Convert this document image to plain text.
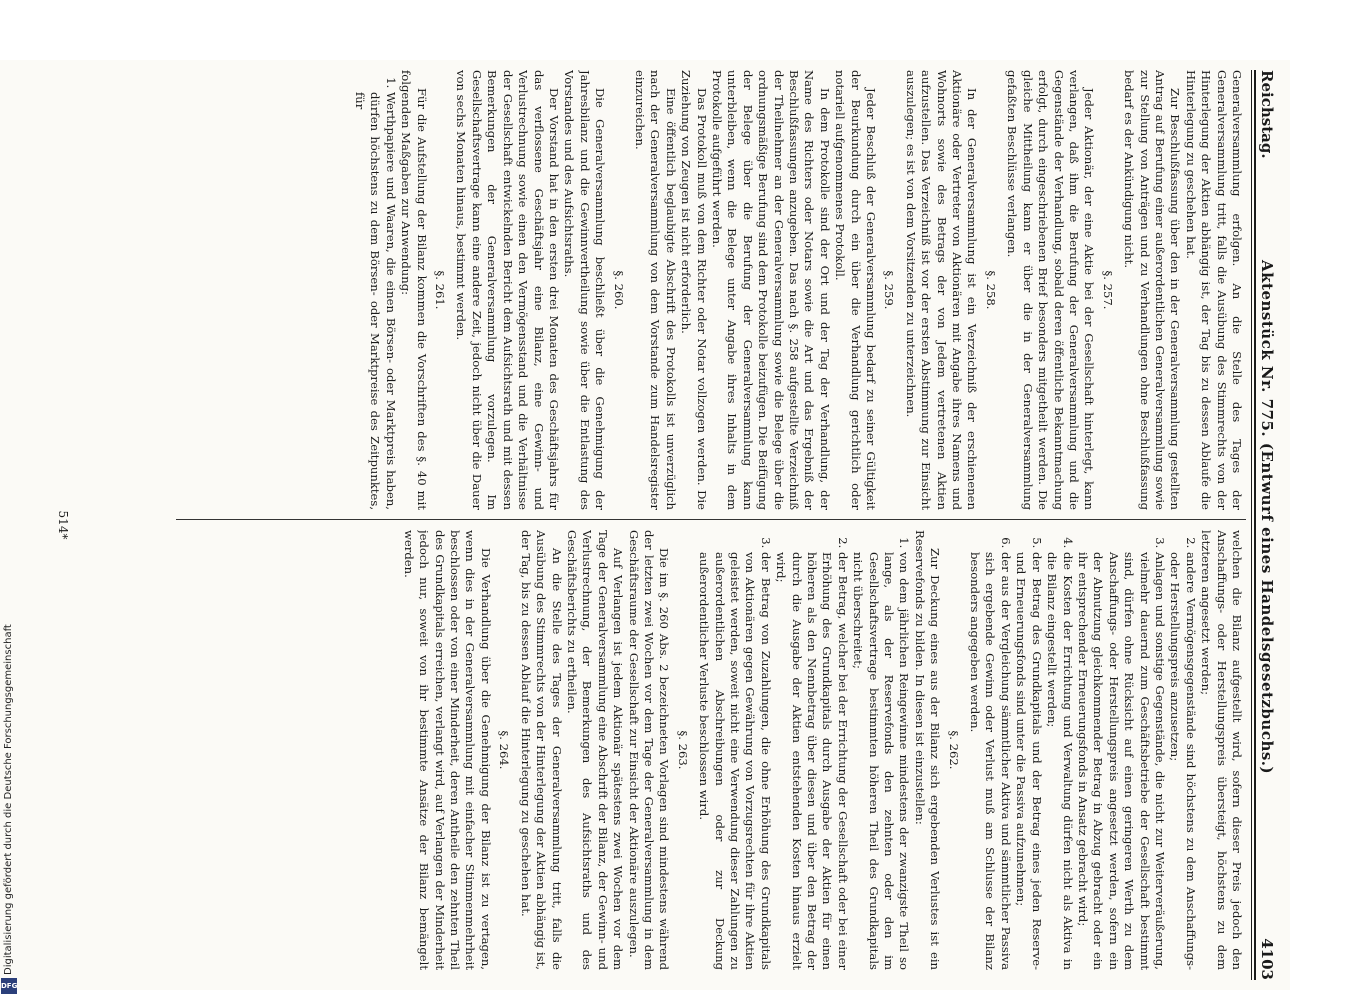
Reichstag.
Aktenstück Nr. 775. (Entwurf eines Handelsgesetzbuchs.)
4103

Generalversammlung erfolgen. An die Stelle des Tages der Generalversammlung tritt, falls die Ausübung des Stimmrechts von der Hinterlegung der Aktien abhängig ist, der Tag bis zu dessen Ablaufe die Hinterlegung zu geschehen hat.

Zur Beschlußfassung über den in der Generalversammlung gestellten Antrag auf Berufung einer außerordentlichen Generalversammlung sowie zur Stellung von Anträgen und zu Verhandlungen ohne Beschlußfassung bedarf es der Ankündigung nicht.

§. 257.

Jeder Aktionär, der eine Aktie bei der Gesellschaft hinterlegt, kann verlangen, daß ihm die Berufung der Generalversammlung und die Gegenstände der Verhandlung, sobald deren öffentliche Bekanntmachung erfolgt, durch eingeschriebenen Brief besonders mitgetheilt werden. Die gleiche Mittheilung kann er über die in der Generalversammlung gefaßten Beschlüsse verlangen.

§. 258.

In der Generalversammlung ist ein Verzeichniß der erschienenen Aktionäre oder Vertreter von Aktionären mit Angabe ihres Namens und Wohnorts sowie des Betrags der von Jedem vertretenen Aktien aufzustellen. Das Verzeichniß ist vor der ersten Abstimmung zur Einsicht auszulegen; es ist von dem Vorsitzenden zu unterzeichnen.

§. 259.

Jeder Beschluß der Generalversammlung bedarf zu seiner Gültigkeit der Beurkundung durch ein über die Verhandlung gerichtlich oder notariell aufgenommenes Protokoll.

In dem Protokolle sind der Ort und der Tag der Verhandlung, der Name des Richters oder Notars sowie die Art und das Ergebniß der Beschlußfassungen anzugeben. Das nach §. 258 aufgestellte Verzeichniß der Theilnehmer an der Generalversammlung sowie die Belege über die ordnungsmäßige Berufung sind dem Protokolle beizufügen. Die Beifügung der Belege über die Berufung der Generalversammlung kann unterbleiben, wenn die Belege unter Angabe ihres Inhalts in dem Protokolle aufgeführt werden.

Das Protokoll muß von dem Richter oder Notar vollzogen werden. Die Zuziehung von Zeugen ist nicht erforderlich.

Eine öffentlich beglaubigte Abschrift des Protokolls ist unverzüglich nach der Generalversammlung von dem Vorstande zum Handelsregister einzureichen.

§. 260.

Die Generalversammlung beschließt über die Genehmigung der Jahresbilanz und die Gewinnvertheilung sowie über die Entlastung des Vorstandes und des Aufsichtsraths.

Der Vorstand hat in den ersten drei Monaten des Geschäftsjahrs für das verflossene Geschäftsjahr eine Bilanz, eine Gewinn- und Verlustrechnung sowie einen den Vermögensstand und die Verhältnisse der Gesellschaft entwickelnden Bericht dem Aufsichtsrath und mit dessen Bemerkungen der Generalversammlung vorzulegen. Im Gesellschaftsvertrage kann eine andere Zeit, jedoch nicht über die Dauer von sechs Monaten hinaus, bestimmt werden.

§. 261.

Für die Aufstellung der Bilanz kommen die Vorschriften des §. 40 mit folgenden Maßgaben zur Anwendung:

1. Werthpapiere und Waaren, die einen Börsen- oder Marktpreis haben, dürfen höchstens zu dem Börsen- oder Marktpreise des Zeitpunktes, für

welchen die Bilanz aufgestellt wird, sofern dieser Preis jedoch den Anschaffungs- oder Herstellungspreis übersteigt, höchstens zu dem letzteren angesetzt werden;

2. andere Vermögensgegenstände sind höchstens zu dem Anschaffungs- oder Herstellungspreis anzusetzen;
3. Anlagen und sonstige Gegenstände, die nicht zur Weiterveräußerung, vielmehr dauernd zum Geschäftsbetriebe der Gesellschaft bestimmt sind, dürfen ohne Rücksicht auf einen geringeren Werth zu dem Anschaffungs- oder Herstellungspreis angesetzt werden, sofern ein der Abnutzung gleichkommender Betrag in Abzug gebracht oder ein ihr entsprechender Erneuerungsfonds in Ansatz gebracht wird;
4. die Kosten der Errichtung und Verwaltung dürfen nicht als Aktiva in die Bilanz eingestellt werden;
5. der Betrag des Grundkapitals und der Betrag eines jeden Reserve- und Erneuerungsfonds sind unter die Passiva aufzunehmen;
6. der aus der Vergleichung sämmtlicher Aktiva und sämmtlicher Passiva sich ergebende Gewinn oder Verlust muß am Schlusse der Bilanz besonders angegeben werden.
§. 262.

Zur Deckung eines aus der Bilanz sich ergebenden Verlustes ist ein Reservefonds zu bilden. In diesen ist einzustellen:

1. von dem jährlichen Reingewinne mindestens der zwanzigste Theil so lange, als der Reservefonds den zehnten oder den im Gesellschaftsvertrage bestimmten höheren Theil des Grundkapitals nicht überschreitet;
2. der Betrag, welcher bei der Errichtung der Gesellschaft oder bei einer Erhöhung des Grundkapitals durch Ausgabe der Aktien für einen höheren als den Nennbetrag über diesen und über den Betrag der durch die Ausgabe der Aktien entstehenden Kosten hinaus erzielt wird;
3. der Betrag von Zuzahlungen, die ohne Erhöhung des Grundkapitals von Aktionären gegen Gewährung von Vorzugsrechten für ihre Aktien geleistet werden, soweit nicht eine Verwendung dieser Zahlungen zu außerordentlichen Abschreibungen oder zur Deckung außerordentlicher Verluste beschlossen wird.
§. 263.

Die im §. 260 Abs. 2 bezeichneten Vorlagen sind mindestens während der letzten zwei Wochen vor dem Tage der Generalversammlung in dem Geschäftsraume der Gesellschaft zur Einsicht der Aktionäre auszulegen.

Auf Verlangen ist jedem Aktionär spätestens zwei Wochen vor dem Tage der Generalversammlung eine Abschrift der Bilanz, der Gewinn- und Verlustrechnung, der Bemerkungen des Aufsichtsraths und des Geschäftsberichts zu ertheilen.

An die Stelle des Tages der Generalversammlung tritt, falls die Ausübung des Stimmrechts von der Hinterlegung der Aktien abhängig ist, der Tag, bis zu dessen Ablauf die Hinterlegung zu geschehen hat.

§. 264.

Die Verhandlung über die Genehmigung der Bilanz ist zu vertagen, wenn dies in der Generalversammlung mit einfacher Stimmenmehrheit beschlossen oder von einer Minderheit, deren Antheile den zehnten Theil des Grundkapitals erreichen, verlangt wird, auf Verlangen der Minderheit jedoch nur, soweit von ihr bestimmte Ansätze der Bilanz bemängelt werden.

514*
Digitalisierung gefördert durch die Deutsche Forschungsgemeinschaft
DFG
